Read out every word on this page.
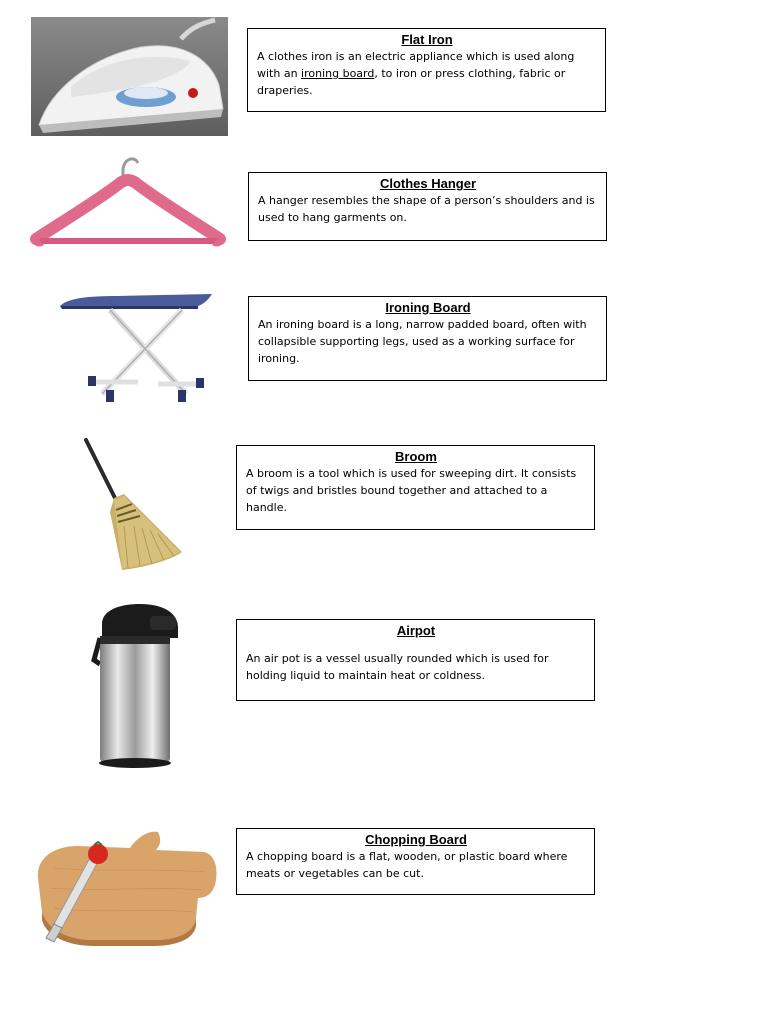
Flat Iron

A clothes iron is an electric appliance which is used along with an ironing board, to iron or press clothing, fabric or draperies.

Clothes Hanger

A hanger resembles the shape of a person’s shoulders and is used to hang garments on.

Ironing Board

An ironing board is a long, narrow padded board, often with collapsible supporting legs, used as a working surface for ironing.

Broom

A broom is a tool which is used for sweeping dirt. It consists of twigs and bristles bound together and attached to a handle.

Airpot

An air pot is a vessel usually rounded which is used for holding liquid to maintain heat or coldness.

Chopping Board

A chopping board is a flat, wooden, or plastic board where meats or vegetables can be cut.
